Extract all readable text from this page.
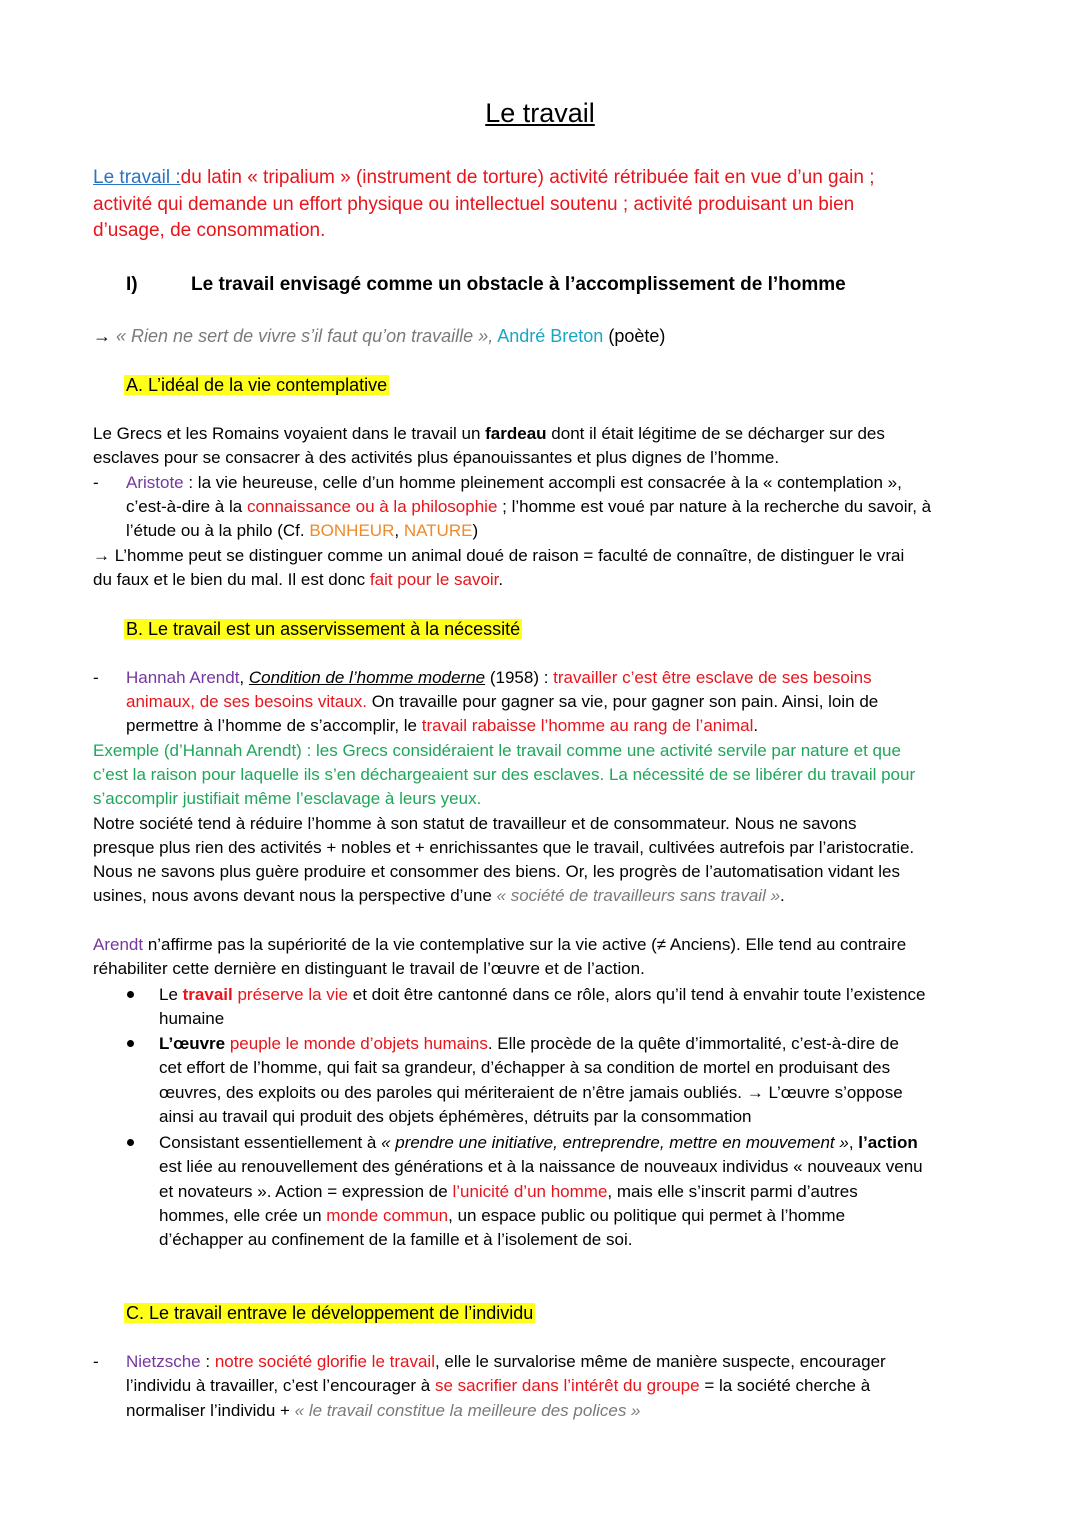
Le travail
Le travail :du latin « tripalium » (instrument de torture) activité rétribuée fait en vue d’un gain ;
activité qui demande un effort physique ou intellectuel soutenu ; activité produisant un bien
d’usage, de consommation.
I)	Le travail envisagé comme un obstacle à l’accomplissement de l’homme
→ « Rien ne sert de vivre s’il faut qu’on travaille », André Breton (poète)
A. L’idéal de la vie contemplative
Le Grecs et les Romains voyaient dans le travail un fardeau dont il était légitime de se décharger sur des
esclaves pour se consacrer à des activités plus épanouissantes et plus dignes de l’homme.
- Aristote : la vie heureuse, celle d’un homme pleinement accompli est consacrée à la « contemplation »,
c’est-à-dire à la connaissance ou à la philosophie ; l’homme est voué par nature à la recherche du savoir, à
l’étude ou à la philo (Cf. BONHEUR, NATURE)
→ L’homme peut se distinguer comme un animal doué de raison = faculté de connaître, de distinguer le vrai
du faux et le bien du mal. Il est donc fait pour le savoir.
B. Le travail est un asservissement à la nécessité
- Hannah Arendt, Condition de l’homme moderne (1958) : travailler c’est être esclave de ses besoins
animaux, de ses besoins vitaux. On travaille pour gagner sa vie, pour gagner son pain. Ainsi, loin de
permettre à l’homme de s’accomplir, le travail rabaisse l’homme au rang de l’animal.
Exemple (d’Hannah Arendt) : les Grecs considéraient le travail comme une activité servile par nature et que
c’est la raison pour laquelle ils s’en déchargeaient sur des esclaves. La nécessité de se libérer du travail pour
s’accomplir justifiait même l’esclavage à leurs yeux.
Notre société tend à réduire l’homme à son statut de travailleur et de consommateur. Nous ne savons
presque plus rien des activités + nobles et + enrichissantes que le travail, cultivées autrefois par l’aristocratie.
Nous ne savons plus guère produire et consommer des biens. Or, les progrès de l’automatisation vidant les
usines, nous avons devant nous la perspective d’une « société de travailleurs sans travail ».
Arendt n’affirme pas la supériorité de la vie contemplative sur la vie active (≠ Anciens). Elle tend au contraire
réhabiliter cette dernière en distinguant le travail de l’œuvre et de l’action.
Le travail préserve la vie et doit être cantonné dans ce rôle, alors qu’il tend à envahir toute l’existence
humaine
L’œuvre peuple le monde d’objets humains. Elle procède de la quête d’immortalité, c’est-à-dire de
cet effort de l’homme, qui fait sa grandeur, d’échapper à sa condition de mortel en produisant des
œuvres, des exploits ou des paroles qui mériteraient de n’être jamais oubliés. → L’œuvre s’oppose
ainsi au travail qui produit des objets éphémères, détruits par la consommation
Consistant essentiellement à « prendre une initiative, entreprendre, mettre en mouvement », l’action
est liée au renouvellement des générations et à la naissance de nouveaux individus « nouveaux venu
et novateurs ». Action = expression de l’unicité d’un homme, mais elle s’inscrit parmi d’autres
hommes, elle crée un monde commun, un espace public ou politique qui permet à l’homme
d’échapper au confinement de la famille et à l’isolement de soi.
C. Le travail entrave le développement de l’individu
- Nietzsche : notre société glorifie le travail, elle le survalorise même de manière suspecte, encourager
l’individu à travailler, c’est l’encourager à se sacrifier dans l’intérêt du groupe = la société cherche à
normaliser l’individu + « le travail constitue la meilleure des polices »
